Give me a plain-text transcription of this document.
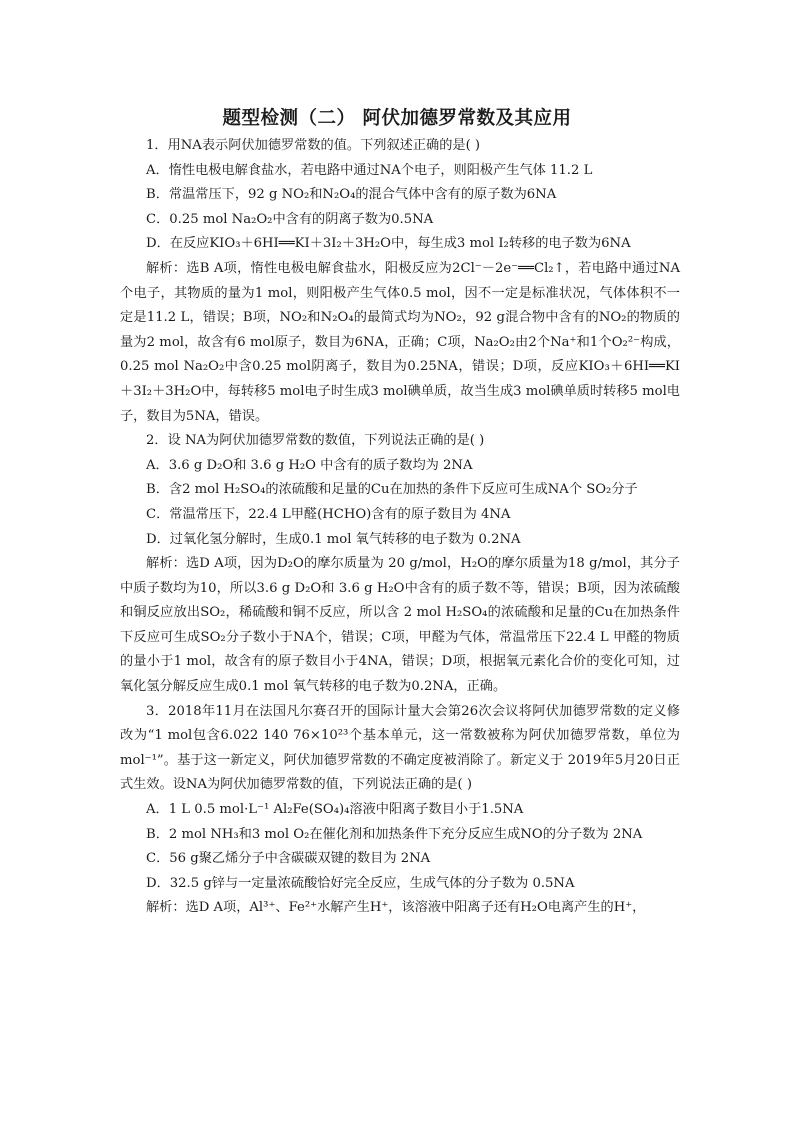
题型检测（二） 阿伏加德罗常数及其应用

1．用NA表示阿伏加德罗常数的值。下列叙述正确的是( )

A．惰性电极电解食盐水，若电路中通过NA个电子，则阳极产生气体 11.2 L

B．常温常压下，92 g NO₂和N₂O₄的混合气体中含有的原子数为6NA

C．0.25 mol Na₂O₂中含有的阴离子数为0.5NA

D．在反应KIO₃＋6HI══KI＋3I₂＋3H₂O中，每生成3 mol I₂转移的电子数为6NA

解析：选B A项，惰性电极电解食盐水，阳极反应为2Cl⁻－2e⁻══Cl₂↑，若电路中通过NA个电子，其物质的量为1 mol，则阳极产生气体0.5 mol，因不一定是标准状况，气体体积不一定是11.2 L，错误；B项，NO₂和N₂O₄的最简式均为NO₂，92 g混合物中含有的NO₂的物质的量为2 mol，故含有6 mol原子，数目为6NA，正确；C项，Na₂O₂由2个Na⁺和1个O₂²⁻构成，0.25 mol Na₂O₂中含0.25 mol阴离子，数目为0.25NA，错误；D项，反应KIO₃＋6HI══KI＋3I₂＋3H₂O中，每转移5 mol电子时生成3 mol碘单质，故当生成3 mol碘单质时转移5 mol电子，数目为5NA，错误。

2．设 NA为阿伏加德罗常数的数值，下列说法正确的是( )

A．3.6 g D₂O和 3.6 g H₂O 中含有的质子数均为 2NA

B．含2 mol H₂SO₄的浓硫酸和足量的Cu在加热的条件下反应可生成NA个 SO₂分子

C．常温常压下，22.4 L甲醛(HCHO)含有的原子数目为 4NA

D．过氧化氢分解时，生成0.1 mol 氧气转移的电子数为 0.2NA

解析：选D A项，因为D₂O的摩尔质量为 20 g/mol，H₂O的摩尔质量为18 g/mol，其分子中质子数均为10，所以3.6 g D₂O和 3.6 g H₂O中含有的质子数不等，错误；B项，因为浓硫酸和铜反应放出SO₂，稀硫酸和铜不反应，所以含 2 mol H₂SO₄的浓硫酸和足量的Cu在加热条件下反应可生成SO₂分子数小于NA个，错误；C项，甲醛为气体，常温常压下22.4 L 甲醛的物质的量小于1 mol，故含有的原子数目小于4NA，错误；D项，根据氧元素化合价的变化可知，过氧化氢分解反应生成0.1 mol 氧气转移的电子数为0.2NA，正确。

3．2018年11月在法国凡尔赛召开的国际计量大会第26次会议将阿伏加德罗常数的定义修改为“1 mol包含6.022 140 76×10²³个基本单元，这一常数被称为阿伏加德罗常数，单位为mol⁻¹”。基于这一新定义，阿伏加德罗常数的不确定度被消除了。新定义于 2019年5月20日正式生效。设NA为阿伏加德罗常数的值，下列说法正确的是( )

A．1 L 0.5 mol·L⁻¹ Al₂Fe(SO₄)₄溶液中阳离子数目小于1.5NA

B．2 mol NH₃和3 mol O₂在催化剂和加热条件下充分反应生成NO的分子数为 2NA

C．56 g聚乙烯分子中含碳碳双键的数目为 2NA

D．32.5 g锌与一定量浓硫酸恰好完全反应，生成气体的分子数为 0.5NA

解析：选D A项，Al³⁺、Fe²⁺水解产生H⁺，该溶液中阳离子还有H₂O电离产生的H⁺，
